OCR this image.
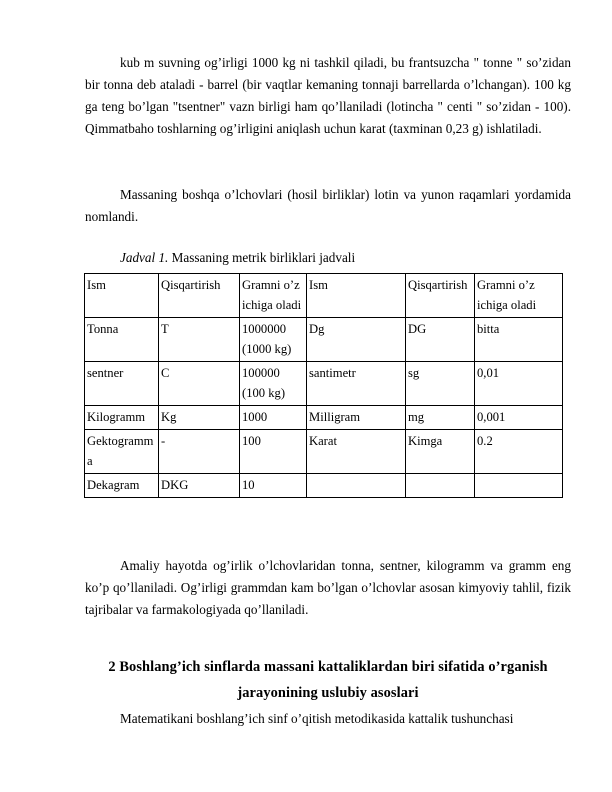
kub m suvning og’irligi 1000 kg ni tashkil qiladi, bu frantsuzcha " tonne " so’zidan bir tonna deb ataladi - barrel (bir vaqtlar kemaning tonnaji barrellarda o’lchangan). 100 kg ga teng bo’lgan "tsentner" vazn birligi ham qo’llaniladi (lotincha " centi " so’zidan - 100). Qimmatbaho toshlarning og’irligini aniqlash uchun karat (taxminan 0,23 g) ishlatiladi.

Massaning boshqa o’lchovlari (hosil birliklar) lotin va yunon raqamlari yordamida nomlandi.

Jadval 1. Massaning metrik birliklari jadvali

Ism	Qisqartirish	Gramni o’z ichiga oladi	Ism	Qisqartirish	Gramni o’z ichiga oladi
Tonna	T	1000000 (1000 kg)	Dg	DG	bitta
sentner	C	100000 (100 kg)	santimetr	sg	0,01
Kilogramm	Kg	1000	Milligram	mg	0,001
Gektogramma	-	100	Karat	Kimga	0.2
Dekagram	DKG	10			

Amaliy hayotda og’irlik o’lchovlaridan tonna, sentner, kilogramm va gramm eng ko’p qo’llaniladi. Og’irligi grammdan kam bo’lgan o’lchovlar asosan kimyoviy tahlil, fizik tajribalar va farmakologiyada qo’llaniladi.

2 Boshlang’ich sinflarda massani kattaliklardan biri sifatida o’rganish jarayonining uslubiy asoslari

Matematikani boshlang’ich sinf o’qitish metodikasida kattalik tushunchasi
